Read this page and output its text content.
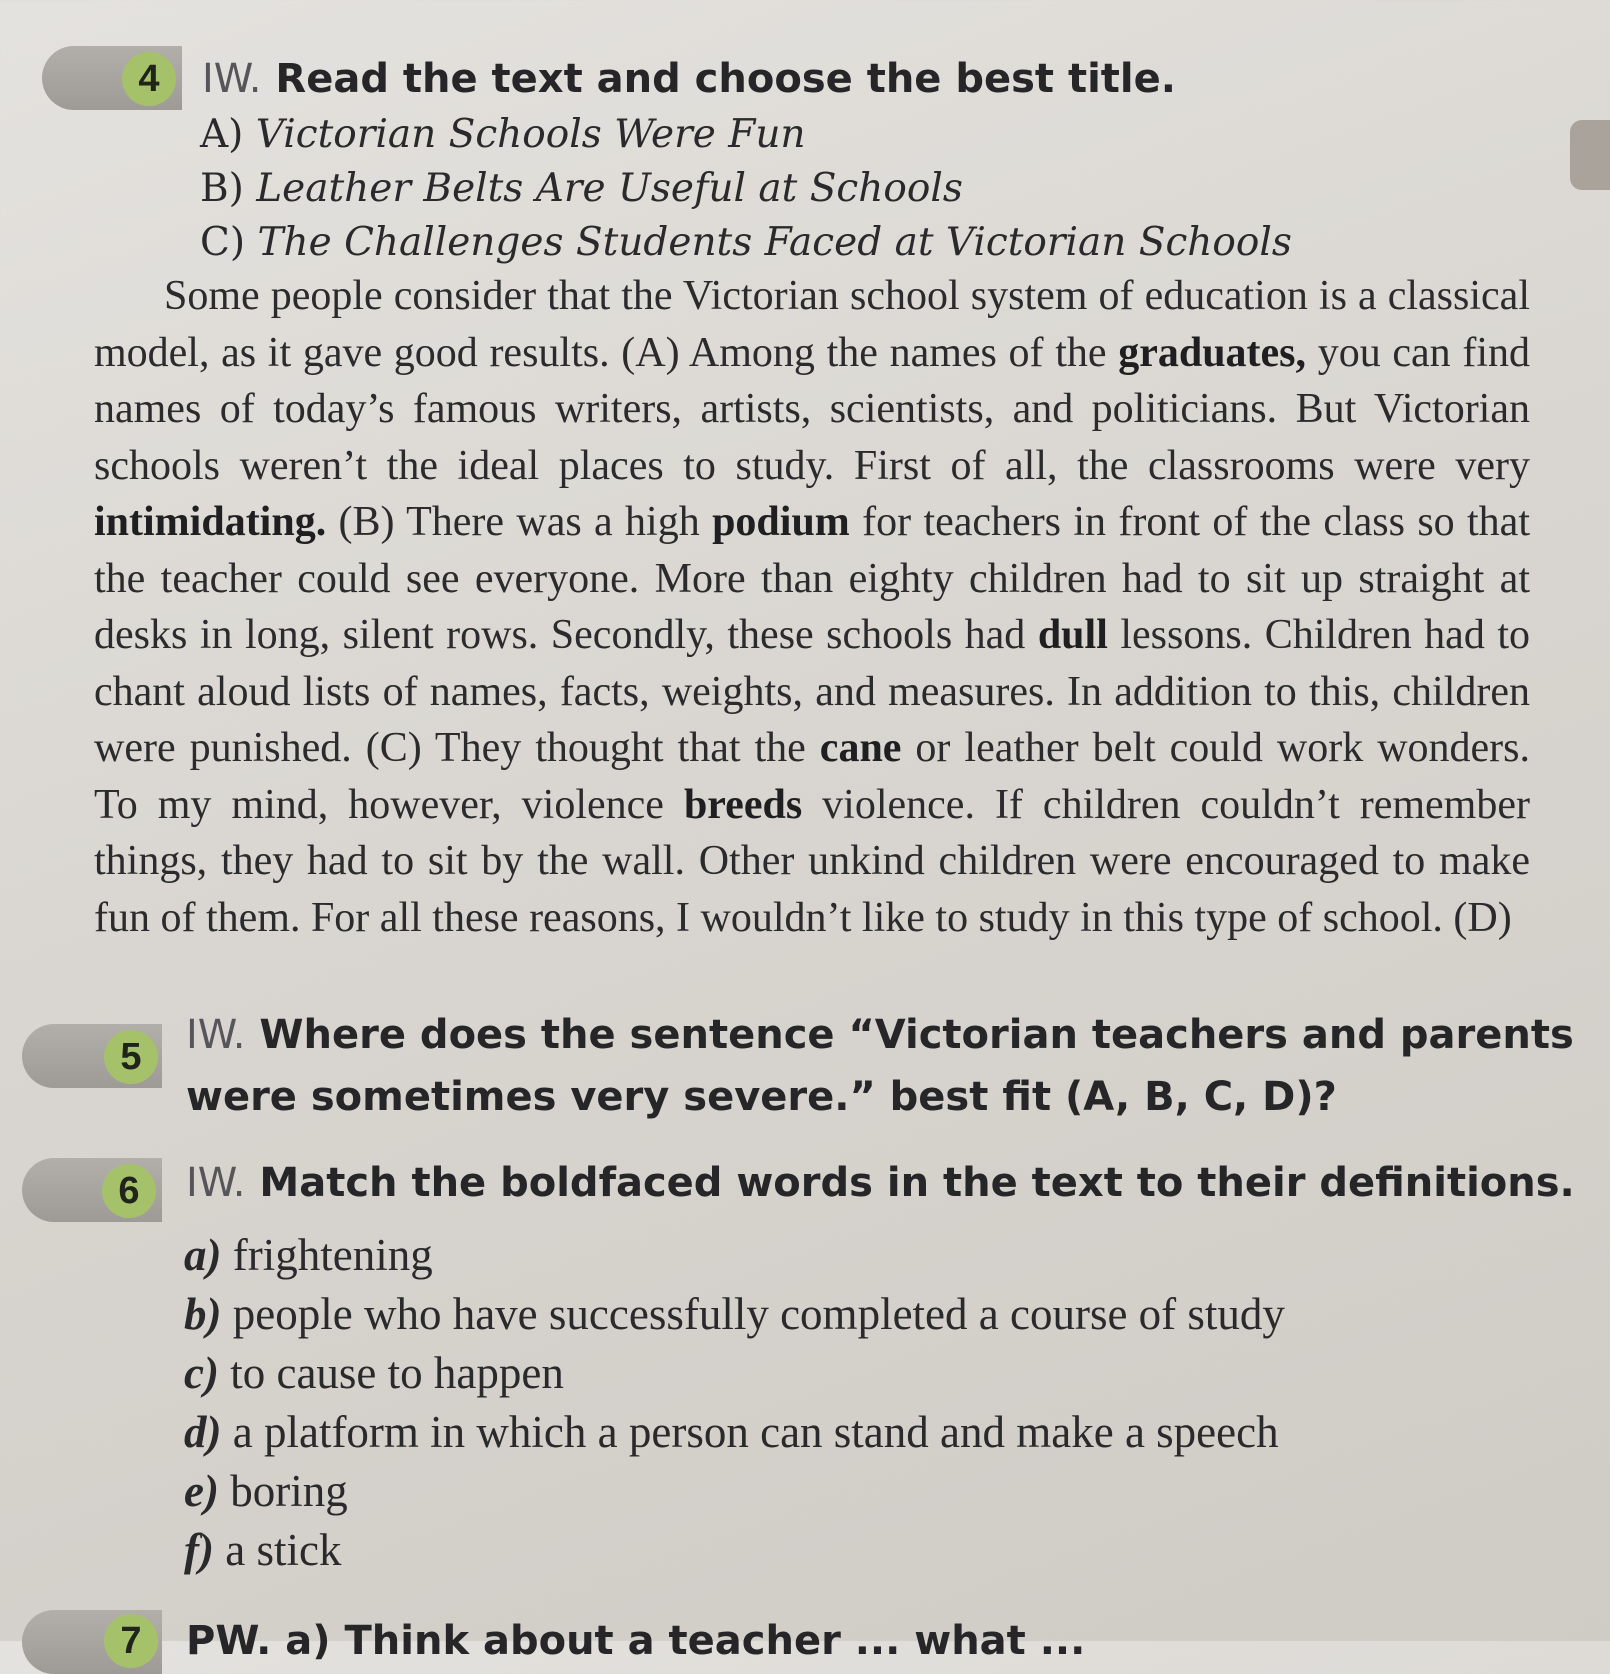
4	IW. Read the text and choose the best title.
A) Victorian Schools Were Fun
B) Leather Belts Are Useful at Schools
C) The Challenges Students Faced at Victorian Schools

Some people consider that the Victorian school system of education is a classical model, as it gave good results. (A) Among the names of the graduates, you can find names of today’s famous writers, artists, scientists, and politicians. But Victorian schools weren’t the ideal places to study. First of all, the classrooms were very intimidating. (B) There was a high podium for teachers in front of the class so that the teacher could see everyone. More than eighty children had to sit up straight at desks in long, silent rows. Secondly, these schools had dull lessons. Children had to chant aloud lists of names, facts, weights, and measures. In addition to this, children were punished. (C) They thought that the cane or leather belt could work wonders. To my mind, however, violence breeds violence. If children couldn’t remember things, they had to sit by the wall. Other unkind children were encouraged to make fun of them. For all these reasons, I wouldn’t like to study in this type of school. (D)

5	IW. Where does the sentence “Victorian teachers and parents
were sometimes very severe.” best fit (A, B, C, D)?
6	IW. Match the boldfaced words in the text to their definitions.
a) frightening
b) people who have successfully completed a course of study
c) to cause to happen
d) a platform in which a person can stand and make a speech
e) boring
f) a stick
7	PW. a) Think about a teacher ... what ...
